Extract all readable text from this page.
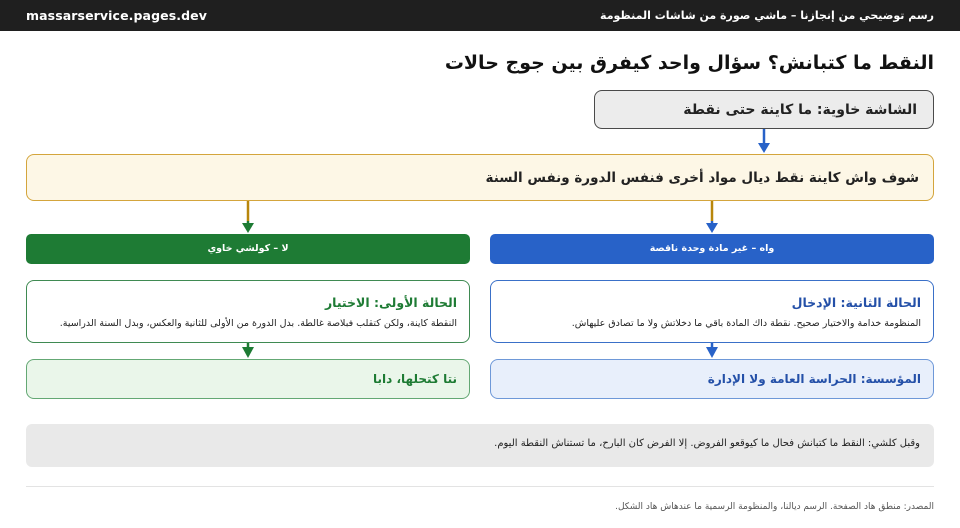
massarservice.pages.dev	رسم توضيحي من إنجازنا – ماشي صورة من شاشات المنظومة
النقط ما كتبانش؟ سؤال واحد كيفرق بين جوج حالات
الشاشة خاوية: ما كاينة حتى نقطة
شوف واش كاينة نقط ديال مواد أخرى فنفس الدورة ونفس السنة
لا – كولشي خاوي	واه – غير مادة وحدة ناقصة
الحالة الأولى: الاختيار
النقطة كاينة، ولكن كتقلب فبلاصة غالطة. بدل الدورة من الأولى للثانية والعكس، وبدل السنة الدراسية.
الحالة الثانية: الإدخال
المنظومة خدامة والاختيار صحيح. نقطة داك المادة باقي ما دخلاتش ولا ما تصادق عليهاش.
نتا كتحلها، دابا	المؤسسة: الحراسة العامة ولا الإدارة
وقبل كلشي: النقط ما كتبانش فحال ما كيوقعو الفروض. إلا الفرض كان البارح، ما تستناش النقطة اليوم.
المصدر: منطق هاد الصفحة. الرسم ديالنا، والمنظومة الرسمية ما عندهاش هاد الشكل.
